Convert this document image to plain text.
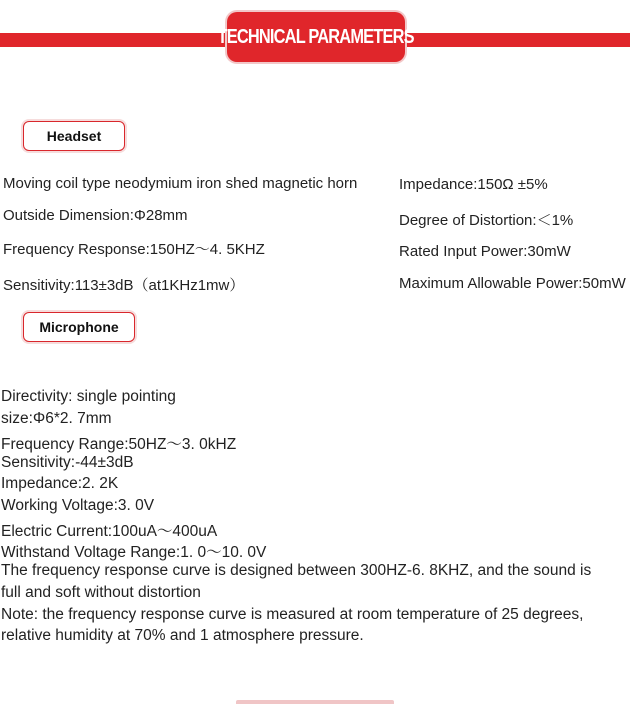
TECHNICAL PARAMETERS
Headset
Moving coil type neodymium iron shed magnetic horn
Outside Dimension:Φ28mm
Frequency Response:150HZ～4. 5KHZ
Sensitivity:113±3dB（at1KHz1mw）
Impedance:150Ω ±5%
Degree of Distortion:＜1%
Rated Input Power:30mW
Maximum Allowable Power:50mW
Microphone
Directivity: single pointing
size:Φ6*2. 7mm
Frequency Range:50HZ～3. 0kHZ
Sensitivity:-44±3dB
Impedance:2. 2K
Working Voltage:3. 0V
Electric Current:100uA～400uA
Withstand Voltage Range:1. 0～10. 0V
The frequency response curve is designed between 300HZ-6. 8KHZ, and the sound is
full and soft without distortion
Note: the frequency response curve is measured at room temperature of 25 degrees,
relative humidity at 70% and 1 atmosphere pressure.
